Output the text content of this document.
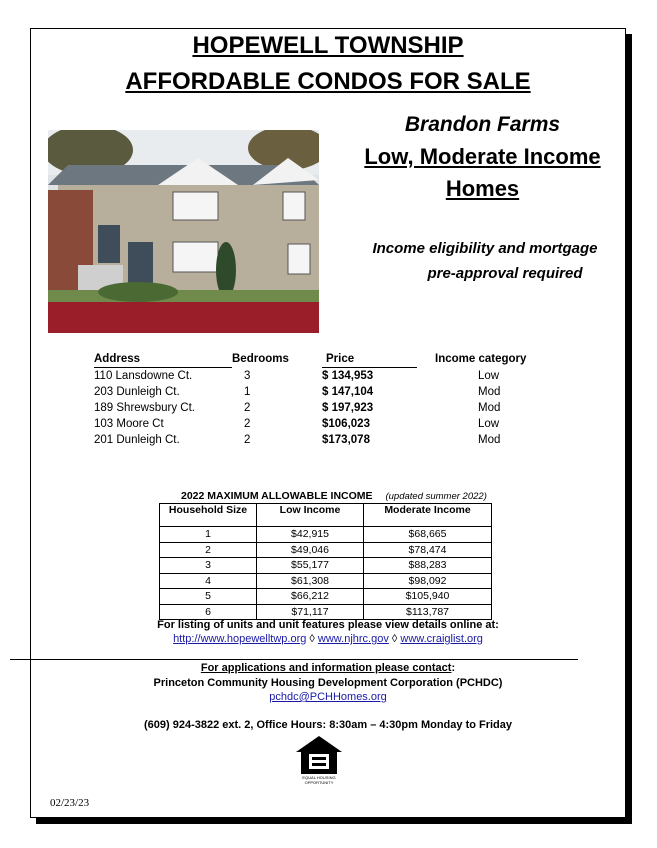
HOPEWELL TOWNSHIP
AFFORDABLE CONDOS FOR SALE
Brandon Farms
Low, Moderate Income
Homes
Income eligibility and mortgage
pre-approval required
Address	Bedrooms	Price	Income category
110 Lansdowne Ct.	3	$ 134,953	Low
203 Dunleigh Ct.	1	$ 147,104	Mod
189 Shrewsbury Ct.	2	$ 197,923	Mod
103 Moore Ct	2	$106,023	Low
201 Dunleigh Ct.	2	$173,078	Mod
2022 MAXIMUM ALLOWABLE INCOME (updated summer 2022)
Household Size	Low Income	Moderate Income
1	$42,915	$68,665
2	$49,046	$78,474
3	$55,177	$88,283
4	$61,308	$98,092
5	$66,212	$105,940
6	$71,117	$113,787
For listing of units and unit features please view details online at:
http://www.hopewelltwp.org ◊ www.njhrc.gov ◊ www.craiglist.org
For applications and information please contact:
Princeton Community Housing Development Corporation (PCHDC)
pchdc@PCHHomes.org
(609) 924-3822 ext. 2, Office Hours: 8:30am – 4:30pm Monday to Friday
EQUAL HOUSING
OPPORTUNITY
02/23/23
